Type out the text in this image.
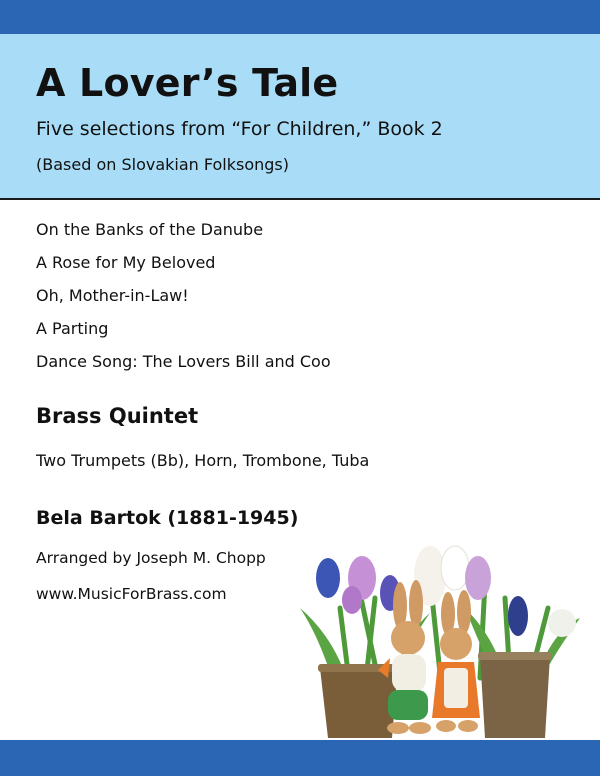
A Lover’s Tale
Five selections from “For Children,” Book 2
(Based on Slovakian Folksongs)
On the Banks of the Danube
A Rose for My Beloved
Oh, Mother-in-Law!
A Parting
Dance Song: The Lovers Bill and Coo
Brass Quintet
Two Trumpets (Bb), Horn, Trombone, Tuba
Bela Bartok (1881-1945)
Arranged by Joseph M. Chopp
www.MusicForBrass.com
